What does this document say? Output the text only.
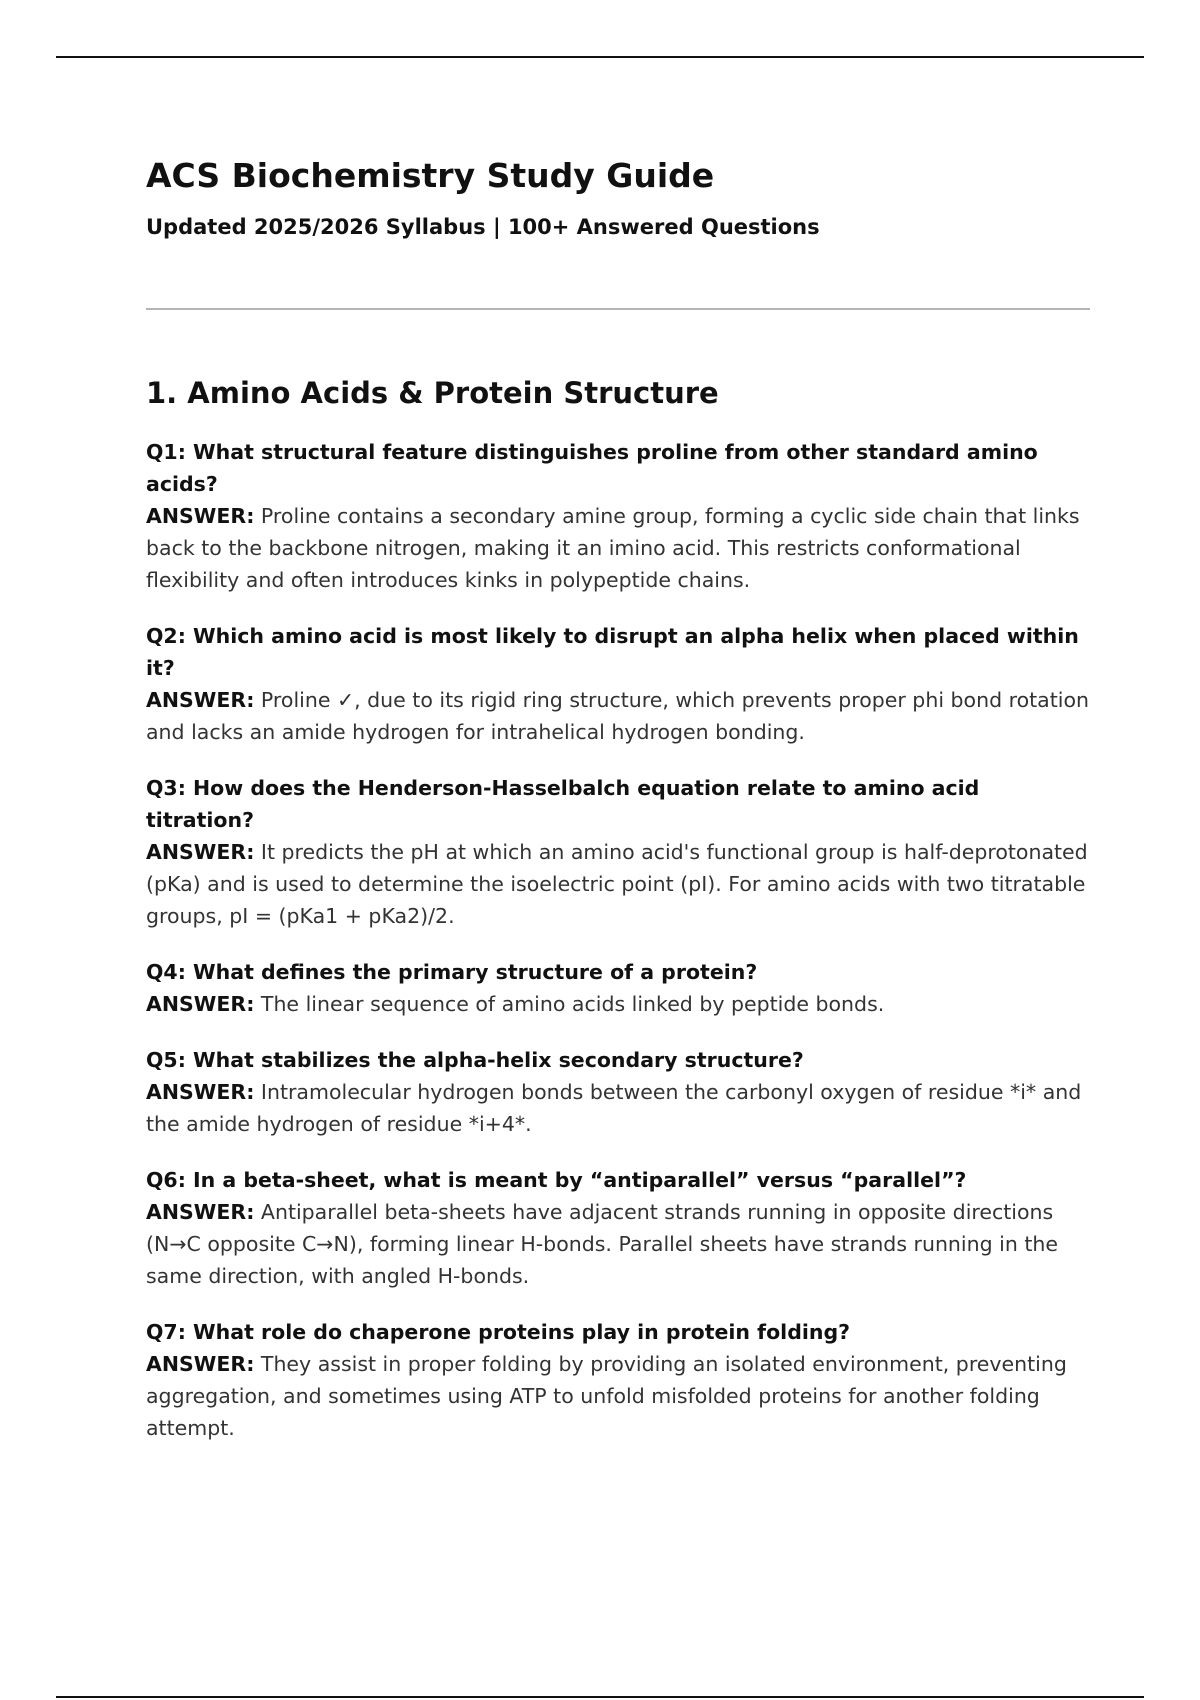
ACS Biochemistry Study Guide
Updated 2025/2026 Syllabus | 100+ Answered Questions
1. Amino Acids & Protein Structure
Q1: What structural feature distinguishes proline from other standard amino acids?
ANSWER: Proline contains a secondary amine group, forming a cyclic side chain that links back to the backbone nitrogen, making it an imino acid. This restricts conformational flexibility and often introduces kinks in polypeptide chains.
Q2: Which amino acid is most likely to disrupt an alpha helix when placed within it?
ANSWER: Proline ✓, due to its rigid ring structure, which prevents proper phi bond rotation and lacks an amide hydrogen for intrahelical hydrogen bonding.
Q3: How does the Henderson-Hasselbalch equation relate to amino acid titration?
ANSWER: It predicts the pH at which an amino acid's functional group is half-deprotonated (pKa) and is used to determine the isoelectric point (pI). For amino acids with two titratable groups, pI = (pKa1 + pKa2)/2.
Q4: What defines the primary structure of a protein?
ANSWER: The linear sequence of amino acids linked by peptide bonds.
Q5: What stabilizes the alpha-helix secondary structure?
ANSWER: Intramolecular hydrogen bonds between the carbonyl oxygen of residue *i* and the amide hydrogen of residue *i+4*.
Q6: In a beta-sheet, what is meant by “antiparallel” versus “parallel”?
ANSWER: Antiparallel beta-sheets have adjacent strands running in opposite directions (N→C opposite C→N), forming linear H-bonds. Parallel sheets have strands running in the same direction, with angled H-bonds.
Q7: What role do chaperone proteins play in protein folding?
ANSWER: They assist in proper folding by providing an isolated environment, preventing aggregation, and sometimes using ATP to unfold misfolded proteins for another folding attempt.
